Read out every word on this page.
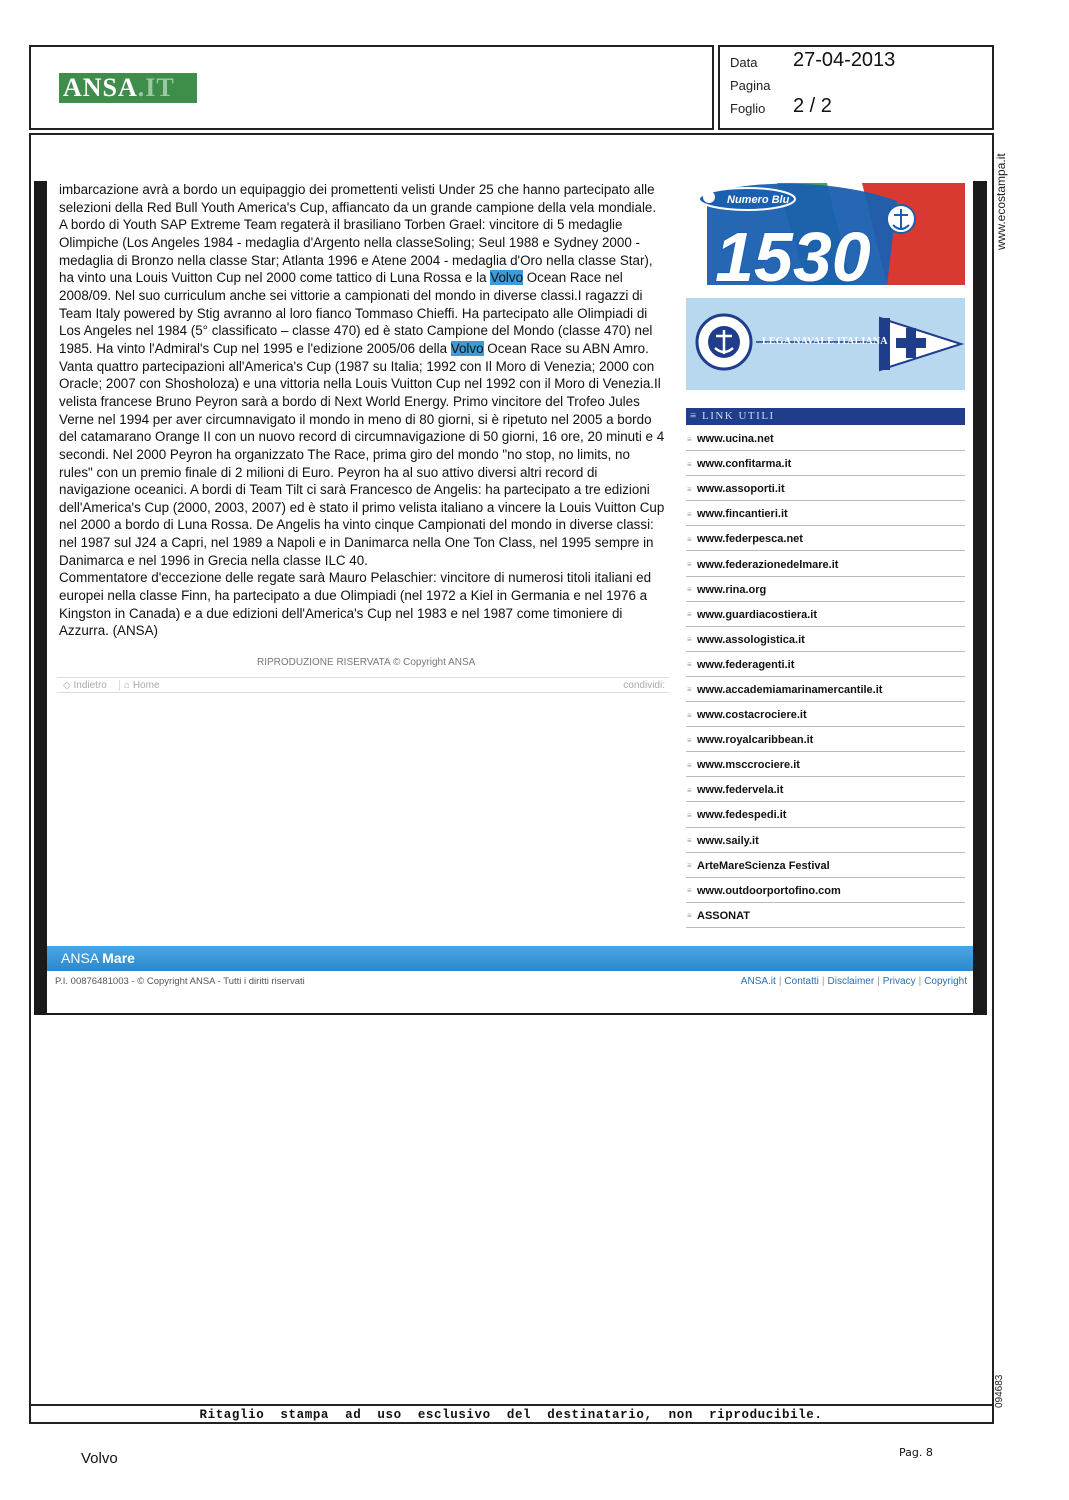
ANSA .IT
Data 27-04-2013
Pagina
Foglio 2 / 2
www.ecostampa.it
094683

imbarcazione avrà a bordo un equipaggio dei promettenti velisti Under 25 che hanno partecipato alle selezioni della Red Bull Youth America's Cup, affiancato da un grande campione della vela mondiale. A bordo di Youth SAP Extreme Team regaterà il brasiliano Torben Grael: vincitore di 5 medaglie Olimpiche (Los Angeles 1984 - medaglia d'Argento nella classeSoling; Seul 1988 e Sydney 2000 - medaglia di Bronzo nella classe Star; Atlanta 1996 e Atene 2004 - medaglia d'Oro nella classe Star), ha vinto una Louis Vuitton Cup nel 2000 come tattico di Luna Rossa e la Volvo Ocean Race nel 2008/09. Nel suo curriculum anche sei vittorie a campionati del mondo in diverse classi.I ragazzi di Team Italy powered by Stig avranno al loro fianco Tommaso Chieffi. Ha partecipato alle Olimpiadi di Los Angeles nel 1984 (5° classificato – classe 470) ed è stato Campione del Mondo (classe 470) nel 1985. Ha vinto l'Admiral's Cup nel 1995 e l'edizione 2005/06 della Volvo Ocean Race su ABN Amro. Vanta quattro partecipazioni all'America's Cup (1987 su Italia; 1992 con Il Moro di Venezia; 2000 con Oracle; 2007 con Shosholoza) e una vittoria nella Louis Vuitton Cup nel 1992 con il Moro di Venezia.Il velista francese Bruno Peyron sarà a bordo di Next World Energy. Primo vincitore del Trofeo Jules Verne nel 1994 per aver circumnavigato il mondo in meno di 80 giorni, si è ripetuto nel 2005 a bordo del catamarano Orange II con un nuovo record di circumnavigazione di 50 giorni, 16 ore, 20 minuti e 4 secondi. Nel 2000 Peyron ha organizzato The Race, prima giro del mondo "no stop, no limits, no rules" con un premio finale di 2 milioni di Euro. Peyron ha al suo attivo diversi altri record di navigazione oceanici. A bordi di Team Tilt ci sarà Francesco de Angelis: ha partecipato a tre edizioni dell'America's Cup (2000, 2003, 2007) ed è stato il primo velista italiano a vincere la Louis Vuitton Cup nel 2000 a bordo di Luna Rossa. De Angelis ha vinto cinque Campionati del mondo in diverse classi: nel 1987 sul J24 a Capri, nel 1989 a Napoli e in Danimarca nella One Ton Class, nel 1995 sempre in Danimarca e nel 1996 in Grecia nella classe ILC 40.

Commentatore d'eccezione delle regate sarà Mauro Pelaschier: vincitore di numerosi titoli italiani ed europei nella classe Finn, ha partecipato a due Olimpiadi (nel 1972 a Kiel in Germania e nel 1976 a Kingston in Canada) e a due edizioni dell'America's Cup nel 1983 e nel 1987 come timoniere di Azzurra. (ANSA)

RIPRODUZIONE RISERVATA © Copyright ANSA
◇ Indietro	⌂ Home	condividi:
Numero Blu
1530
LEGA NAVALE ITALIANA
≡ LINK UTILI
≡ www.ucina.net
≡ www.confitarma.it
≡ www.assoporti.it
≡ www.fincantieri.it
≡ www.federpesca.net
≡ www.federazionedelmare.it
≡ www.rina.org
≡ www.guardiacostiera.it
≡ www.assologistica.it
≡ www.federagenti.it
≡ www.accademiamarinamercantile.it
≡ www.costacrociere.it
≡ www.royalcaribbean.it
≡ www.msccrociere.it
≡ www.federvela.it
≡ www.fedespedi.it
≡ www.saily.it
≡ ArteMareScienza Festival
≡ www.outdoorportofino.com
≡ ASSONAT
ANSA Mare
P.I. 00876481003 - © Copyright ANSA - Tutti i diritti riservati	ANSA.it | Contatti | Disclaimer | Privacy | Copyright
Ritaglio stampa ad uso esclusivo del destinatario, non riproducibile.
Volvo	Pag. 8
